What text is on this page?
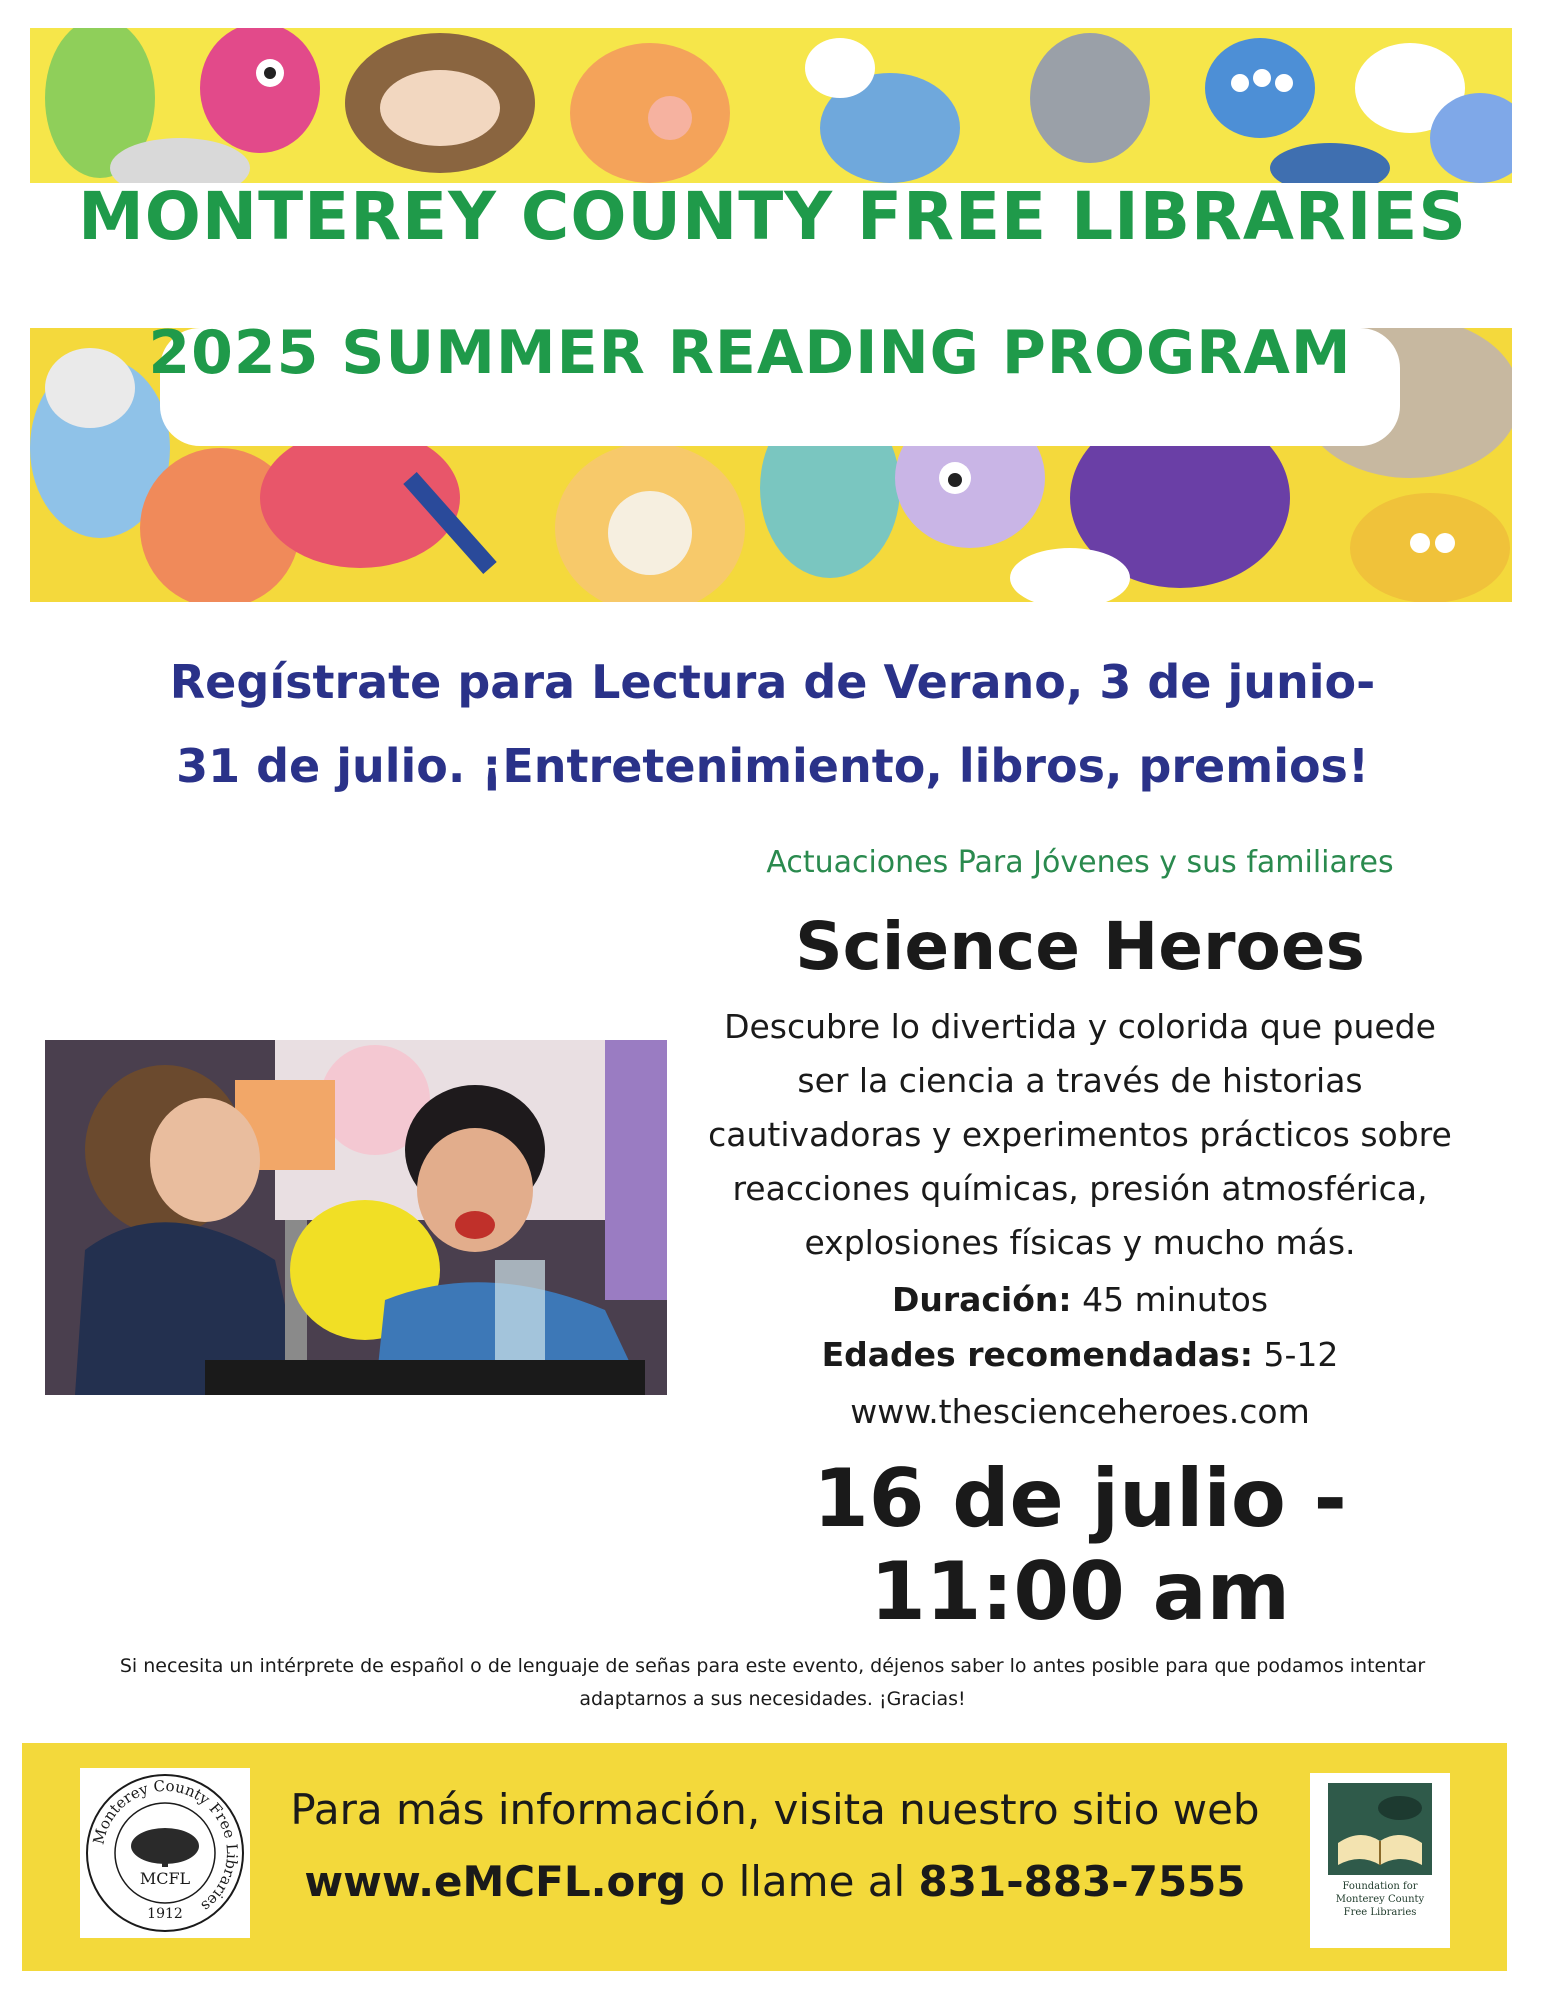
MONTEREY COUNTY FREE LIBRARIES
2025 SUMMER READING PROGRAM
Regístrate para Lectura de Verano, 3 de junio-
31 de julio. ¡Entretenimiento, libros, premios!
Actuaciones Para Jóvenes y sus familiares
Science Heroes
Descubre lo divertida y colorida que puede
ser la ciencia a través de historias
cautivadoras y experimentos prácticos sobre
reacciones químicas, presión atmosférica,
explosiones físicas y mucho más.
Duración: 45 minutos
Edades recomendadas: 5-12
www.thescienceheroes.com
16 de julio - 11:00 am
Si necesita un intérprete de español o de lenguaje de señas para este evento, déjenos saber lo antes posible para que podamos intentar
adaptarnos a sus necesidades. ¡Gracias!
Monterey County Free Libraries
MCFL
1912
Para más información, visita nuestro sitio web
www.eMCFL.org o llame al 831-883-7555	Foundation for
Monterey County
Free Libraries
